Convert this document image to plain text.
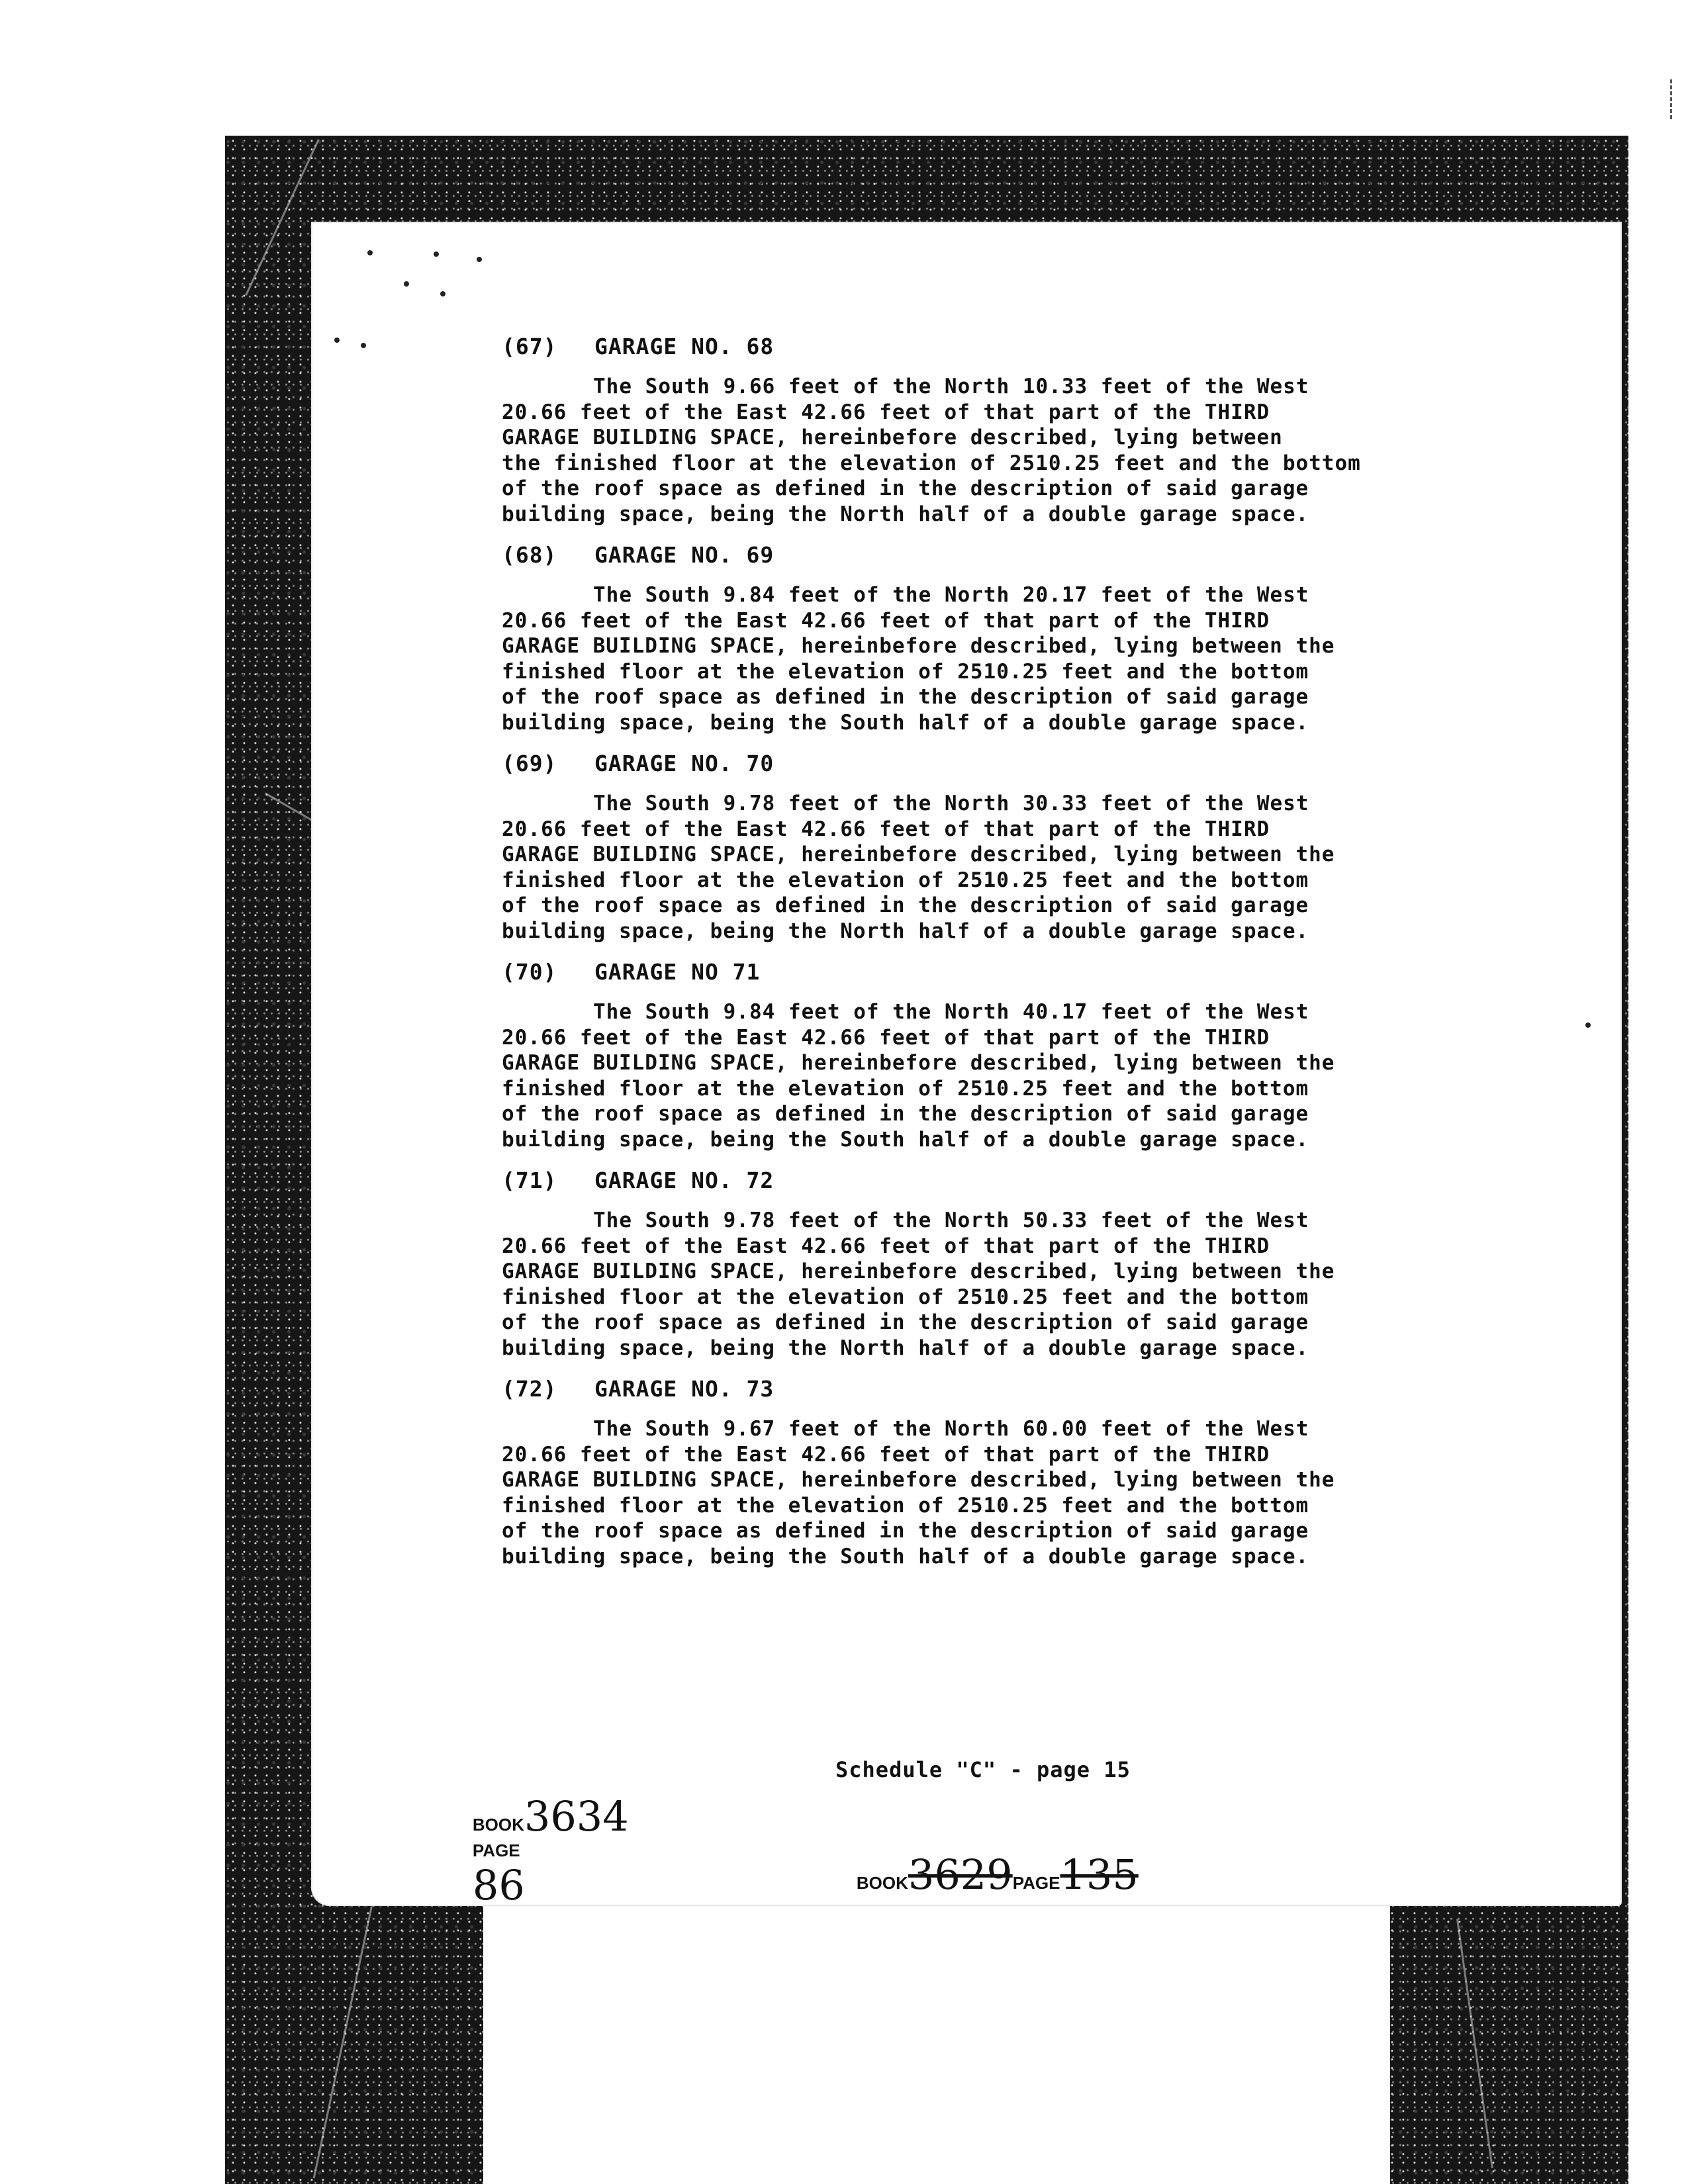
(67) GARAGE NO. 68
The South 9.66 feet of the North 10.33 feet of the West
20.66 feet of the East 42.66 feet of that part of the THIRD
GARAGE BUILDING SPACE, hereinbefore described, lying between
the finished floor at the elevation of 2510.25 feet and the bottom
of the roof space as defined in the description of said garage
building space, being the North half of a double garage space.
(68) GARAGE NO. 69
The South 9.84 feet of the North 20.17 feet of the West
20.66 feet of the East 42.66 feet of that part of the THIRD
GARAGE BUILDING SPACE, hereinbefore described, lying between the
finished floor at the elevation of 2510.25 feet and the bottom
of the roof space as defined in the description of said garage
building space, being the South half of a double garage space.
(69) GARAGE NO. 70
The South 9.78 feet of the North 30.33 feet of the West
20.66 feet of the East 42.66 feet of that part of the THIRD
GARAGE BUILDING SPACE, hereinbefore described, lying between the
finished floor at the elevation of 2510.25 feet and the bottom
of the roof space as defined in the description of said garage
building space, being the North half of a double garage space.
(70) GARAGE NO 71
The South 9.84 feet of the North 40.17 feet of the West
20.66 feet of the East 42.66 feet of that part of the THIRD
GARAGE BUILDING SPACE, hereinbefore described, lying between the
finished floor at the elevation of 2510.25 feet and the bottom
of the roof space as defined in the description of said garage
building space, being the South half of a double garage space.
(71) GARAGE NO. 72
The South 9.78 feet of the North 50.33 feet of the West
20.66 feet of the East 42.66 feet of that part of the THIRD
GARAGE BUILDING SPACE, hereinbefore described, lying between the
finished floor at the elevation of 2510.25 feet and the bottom
of the roof space as defined in the description of said garage
building space, being the North half of a double garage space.
(72) GARAGE NO. 73
The South 9.67 feet of the North 60.00 feet of the West
20.66 feet of the East 42.66 feet of that part of the THIRD
GARAGE BUILDING SPACE, hereinbefore described, lying between the
finished floor at the elevation of 2510.25 feet and the bottom
of the roof space as defined in the description of said garage
building space, being the South half of a double garage space.
Schedule "C" - page 15

BOOK3634
PAGE
86	BOOK3629PAGE135
